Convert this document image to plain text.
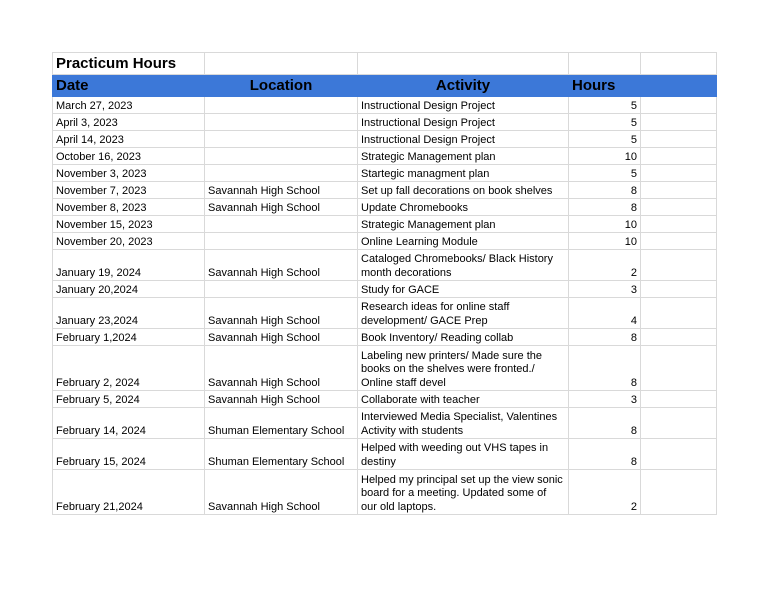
Practicum Hours				
Date	Location	Activity	Hours	
March 27, 2023		Instructional Design Project	5	
April 3, 2023		Instructional Design Project	5	
April 14, 2023		Instructional Design Project	5	
October 16, 2023		Strategic Management plan	10	
November 3, 2023		Startegic managment plan	5	
November 7, 2023	Savannah High School	Set up fall decorations on book shelves	8	
November 8, 2023	Savannah High School	Update Chromebooks	8	
November 15, 2023		Strategic Management plan	10	
November 20, 2023		Online Learning Module	10	
January 19, 2024	Savannah High School	Cataloged Chromebooks/ Black History month decorations	2	
January 20,2024		Study for GACE	3	
January 23,2024	Savannah High School	Research ideas for online staff development/ GACE Prep	4	
February 1,2024	Savannah High School	Book Inventory/ Reading collab	8	
February 2, 2024	Savannah High School	Labeling new printers/ Made sure the books on the shelves were fronted./ Online staff devel	8	
February 5, 2024	Savannah High School	Collaborate with teacher	3	
February 14, 2024	Shuman Elementary School	Interviewed Media Specialist, Valentines Activity with students	8	
February 15, 2024	Shuman Elementary School	Helped with weeding out VHS tapes in destiny	8	
February 21,2024	Savannah High School	Helped my principal set up the view sonic board for a meeting. Updated some of our old laptops.	2	
